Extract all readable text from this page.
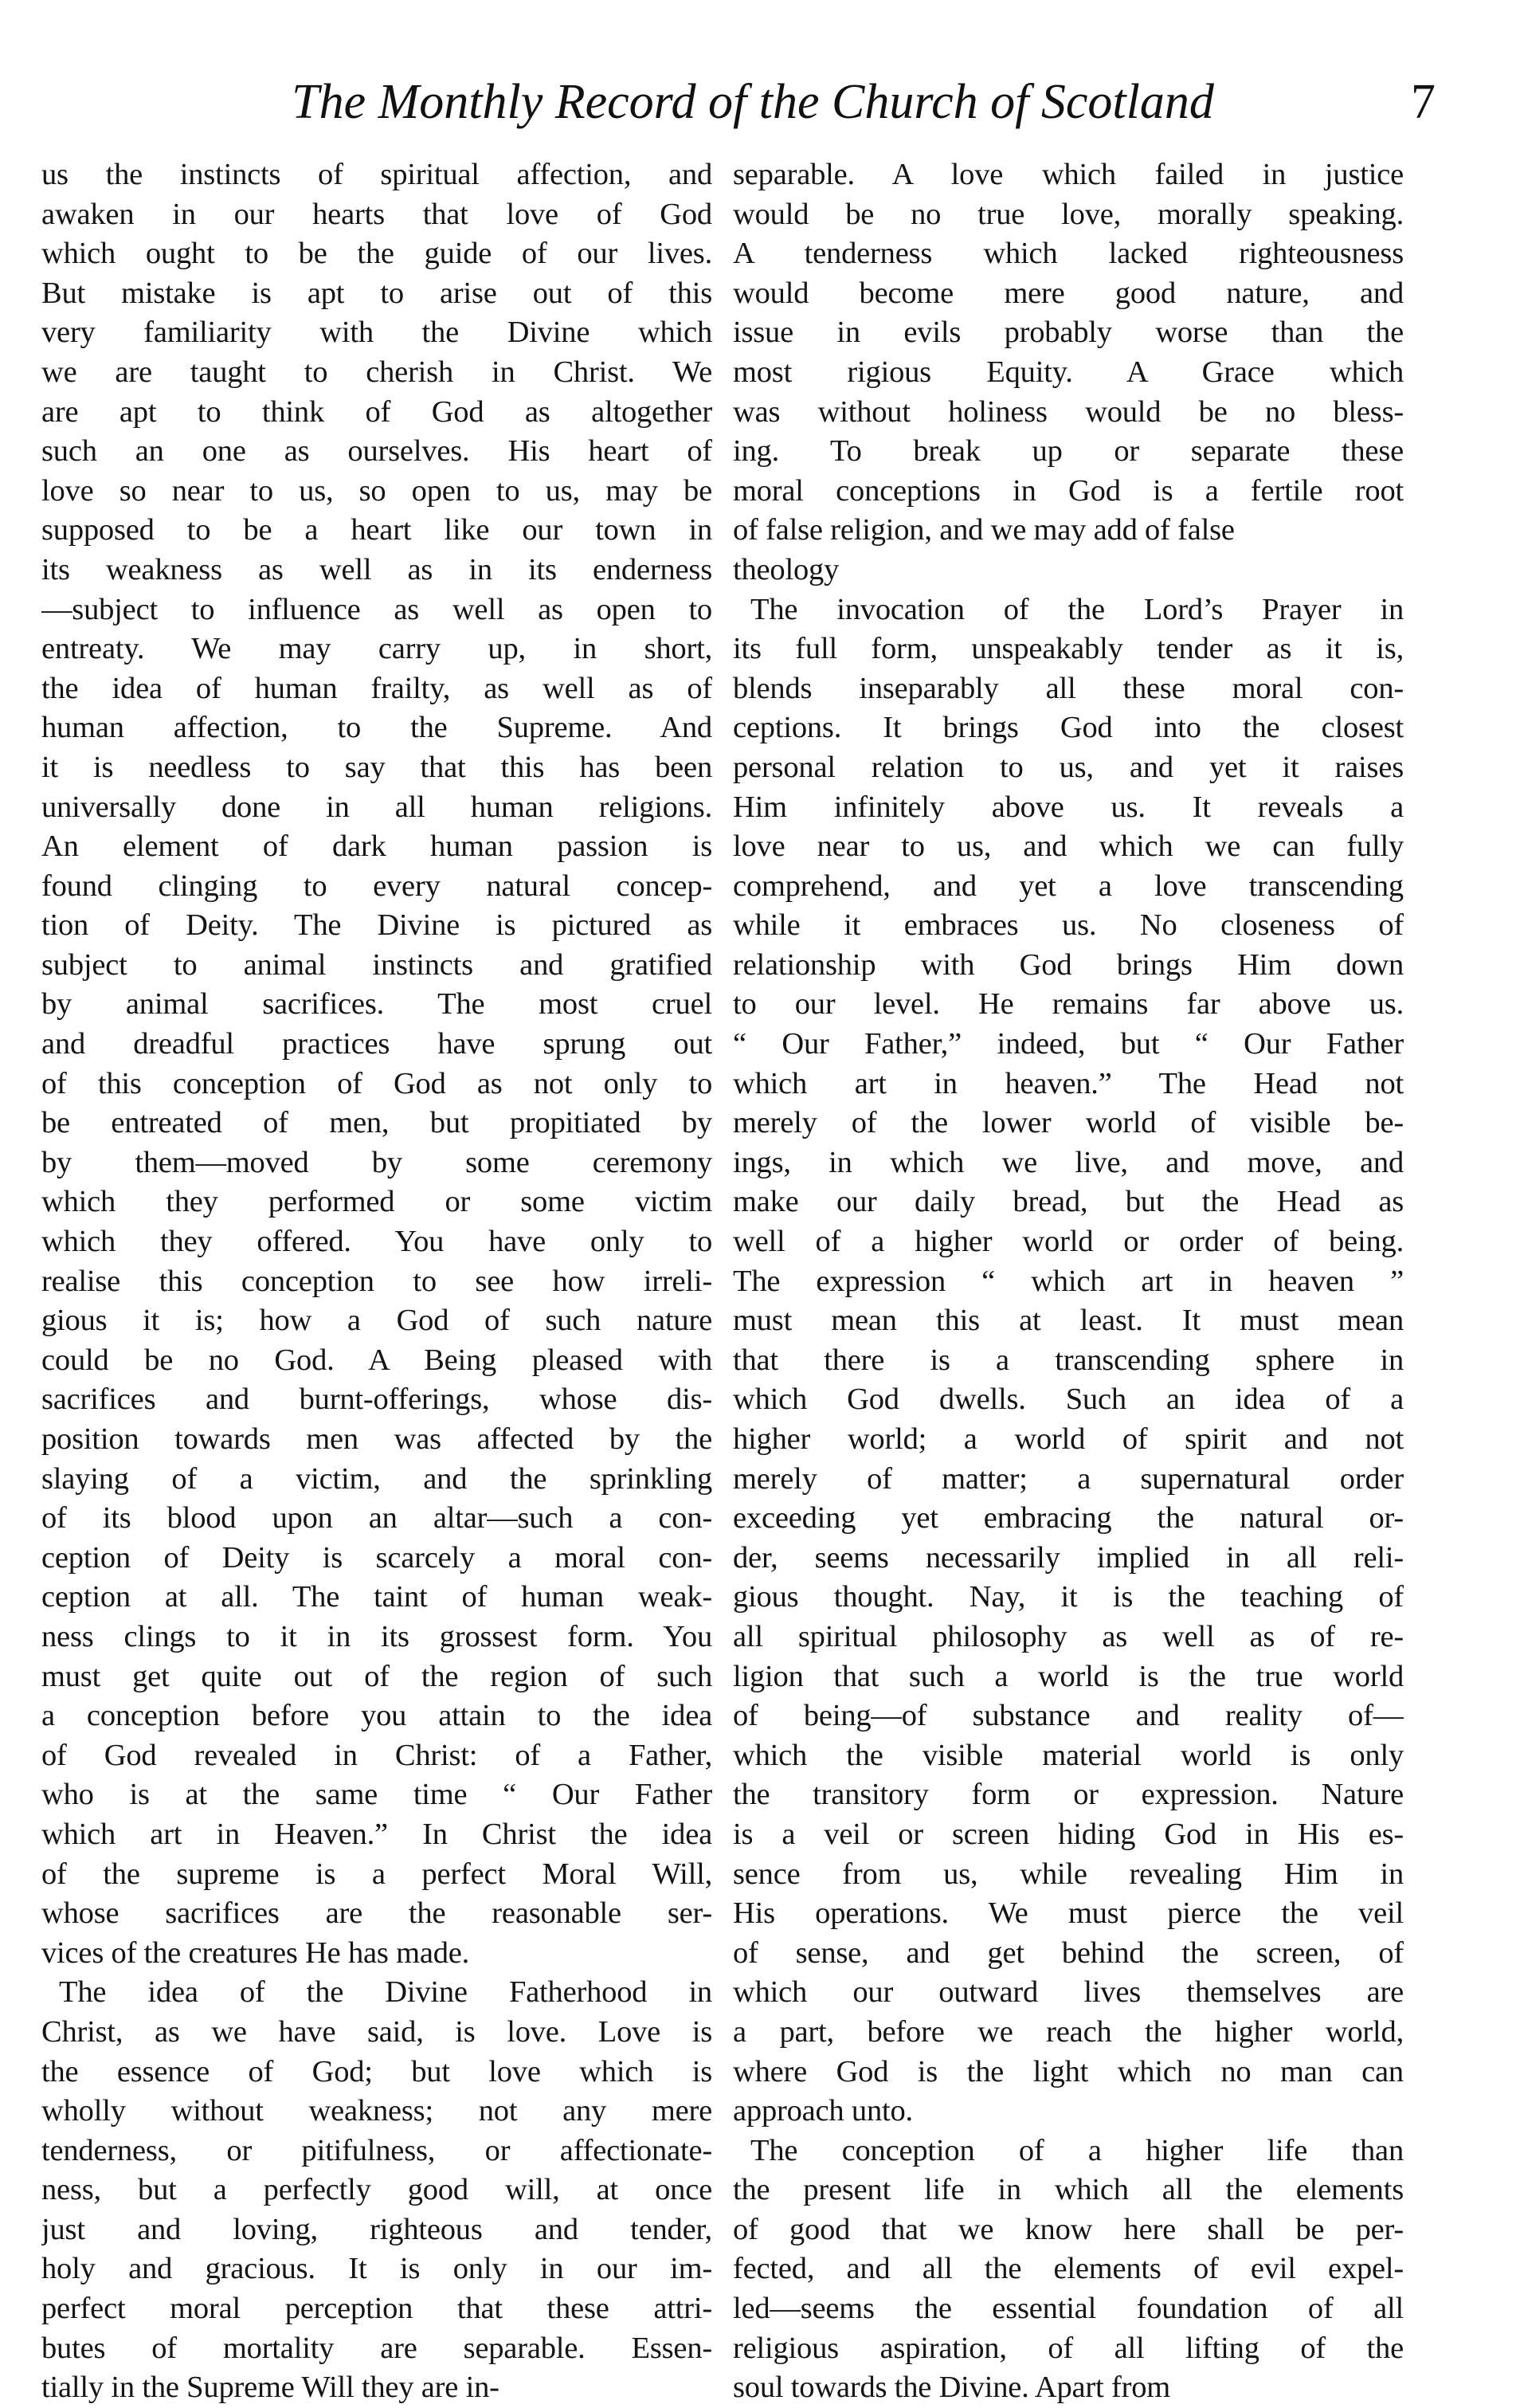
The Monthly Record of the Church of Scotland	7
us the instincts of spiritual affection, and
awaken in our hearts that love of God
which ought to be the guide of our lives.
But mistake is apt to arise out of this
very familiarity with the Divine which
we are taught to cherish in Christ. We
are apt to think of God as altogether
such an one as ourselves. His heart of
love so near to us, so open to us, may be
supposed to be a heart like our town in
its weakness as well as in its enderness
—subject to influence as well as open to
entreaty. We may carry up, in short,
the idea of human frailty, as well as of
human affection, to the Supreme. And
it is needless to say that this has been
universally done in all human religions.
An element of dark human passion is
found clinging to every natural concep-
tion of Deity. The Divine is pictured as
subject to animal instincts and gratified
by animal sacrifices. The most cruel
and dreadful practices have sprung out
of this conception of God as not only to
be entreated of men, but propitiated by
by them—moved by some ceremony
which they performed or some victim
which they offered. You have only to
realise this conception to see how irreli-
gious it is; how a God of such nature
could be no God. A Being pleased with
sacrifices and burnt-offerings, whose dis-
position towards men was affected by the
slaying of a victim, and the sprinkling
of its blood upon an altar—such a con-
ception of Deity is scarcely a moral con-
ception at all. The taint of human weak-
ness clings to it in its grossest form. You
must get quite out of the region of such
a conception before you attain to the idea
of God revealed in Christ: of a Father,
who is at the same time “ Our Father
which art in Heaven.” In Christ the idea
of the supreme is a perfect Moral Will,
whose sacrifices are the reasonable ser-
vices of the creatures He has made.
The idea of the Divine Fatherhood in
Christ, as we have said, is love. Love is
the essence of God; but love which is
wholly without weakness; not any mere
tenderness, or pitifulness, or affectionate-
ness, but a perfectly good will, at once
just and loving, righteous and tender,
holy and gracious. It is only in our im-
perfect moral perception that these attri-
butes of mortality are separable. Essen-
tially in the Supreme Will they are in-
separable. A love which failed in justice
would be no true love, morally speaking.
A tenderness which lacked righteousness
would become mere good nature, and
issue in evils probably worse than the
most rigious Equity. A Grace which
was without holiness would be no bless-
ing. To break up or separate these
moral conceptions in God is a fertile root
of false religion, and we may add of false
theology
The invocation of the Lord’s Prayer in
its full form, unspeakably tender as it is,
blends inseparably all these moral con-
ceptions. It brings God into the closest
personal relation to us, and yet it raises
Him infinitely above us. It reveals a
love near to us, and which we can fully
comprehend, and yet a love transcending
while it embraces us. No closeness of
relationship with God brings Him down
to our level. He remains far above us.
“ Our Father,” indeed, but “ Our Father
which art in heaven.” The Head not
merely of the lower world of visible be-
ings, in which we live, and move, and
make our daily bread, but the Head as
well of a higher world or order of being.
The expression “ which art in heaven ”
must mean this at least. It must mean
that there is a transcending sphere in
which God dwells. Such an idea of a
higher world; a world of spirit and not
merely of matter; a supernatural order
exceeding yet embracing the natural or-
der, seems necessarily implied in all reli-
gious thought. Nay, it is the teaching of
all spiritual philosophy as well as of re-
ligion that such a world is the true world
of being—of substance and reality of—
which the visible material world is only
the transitory form or expression. Nature
is a veil or screen hiding God in His es-
sence from us, while revealing Him in
His operations. We must pierce the veil
of sense, and get behind the screen, of
which our outward lives themselves are
a part, before we reach the higher world,
where God is the light which no man can
approach unto.
The conception of a higher life than
the present life in which all the elements
of good that we know here shall be per-
fected, and all the elements of evil expel-
led—seems the essential foundation of all
religious aspiration, of all lifting of the
soul towards the Divine. Apart from
